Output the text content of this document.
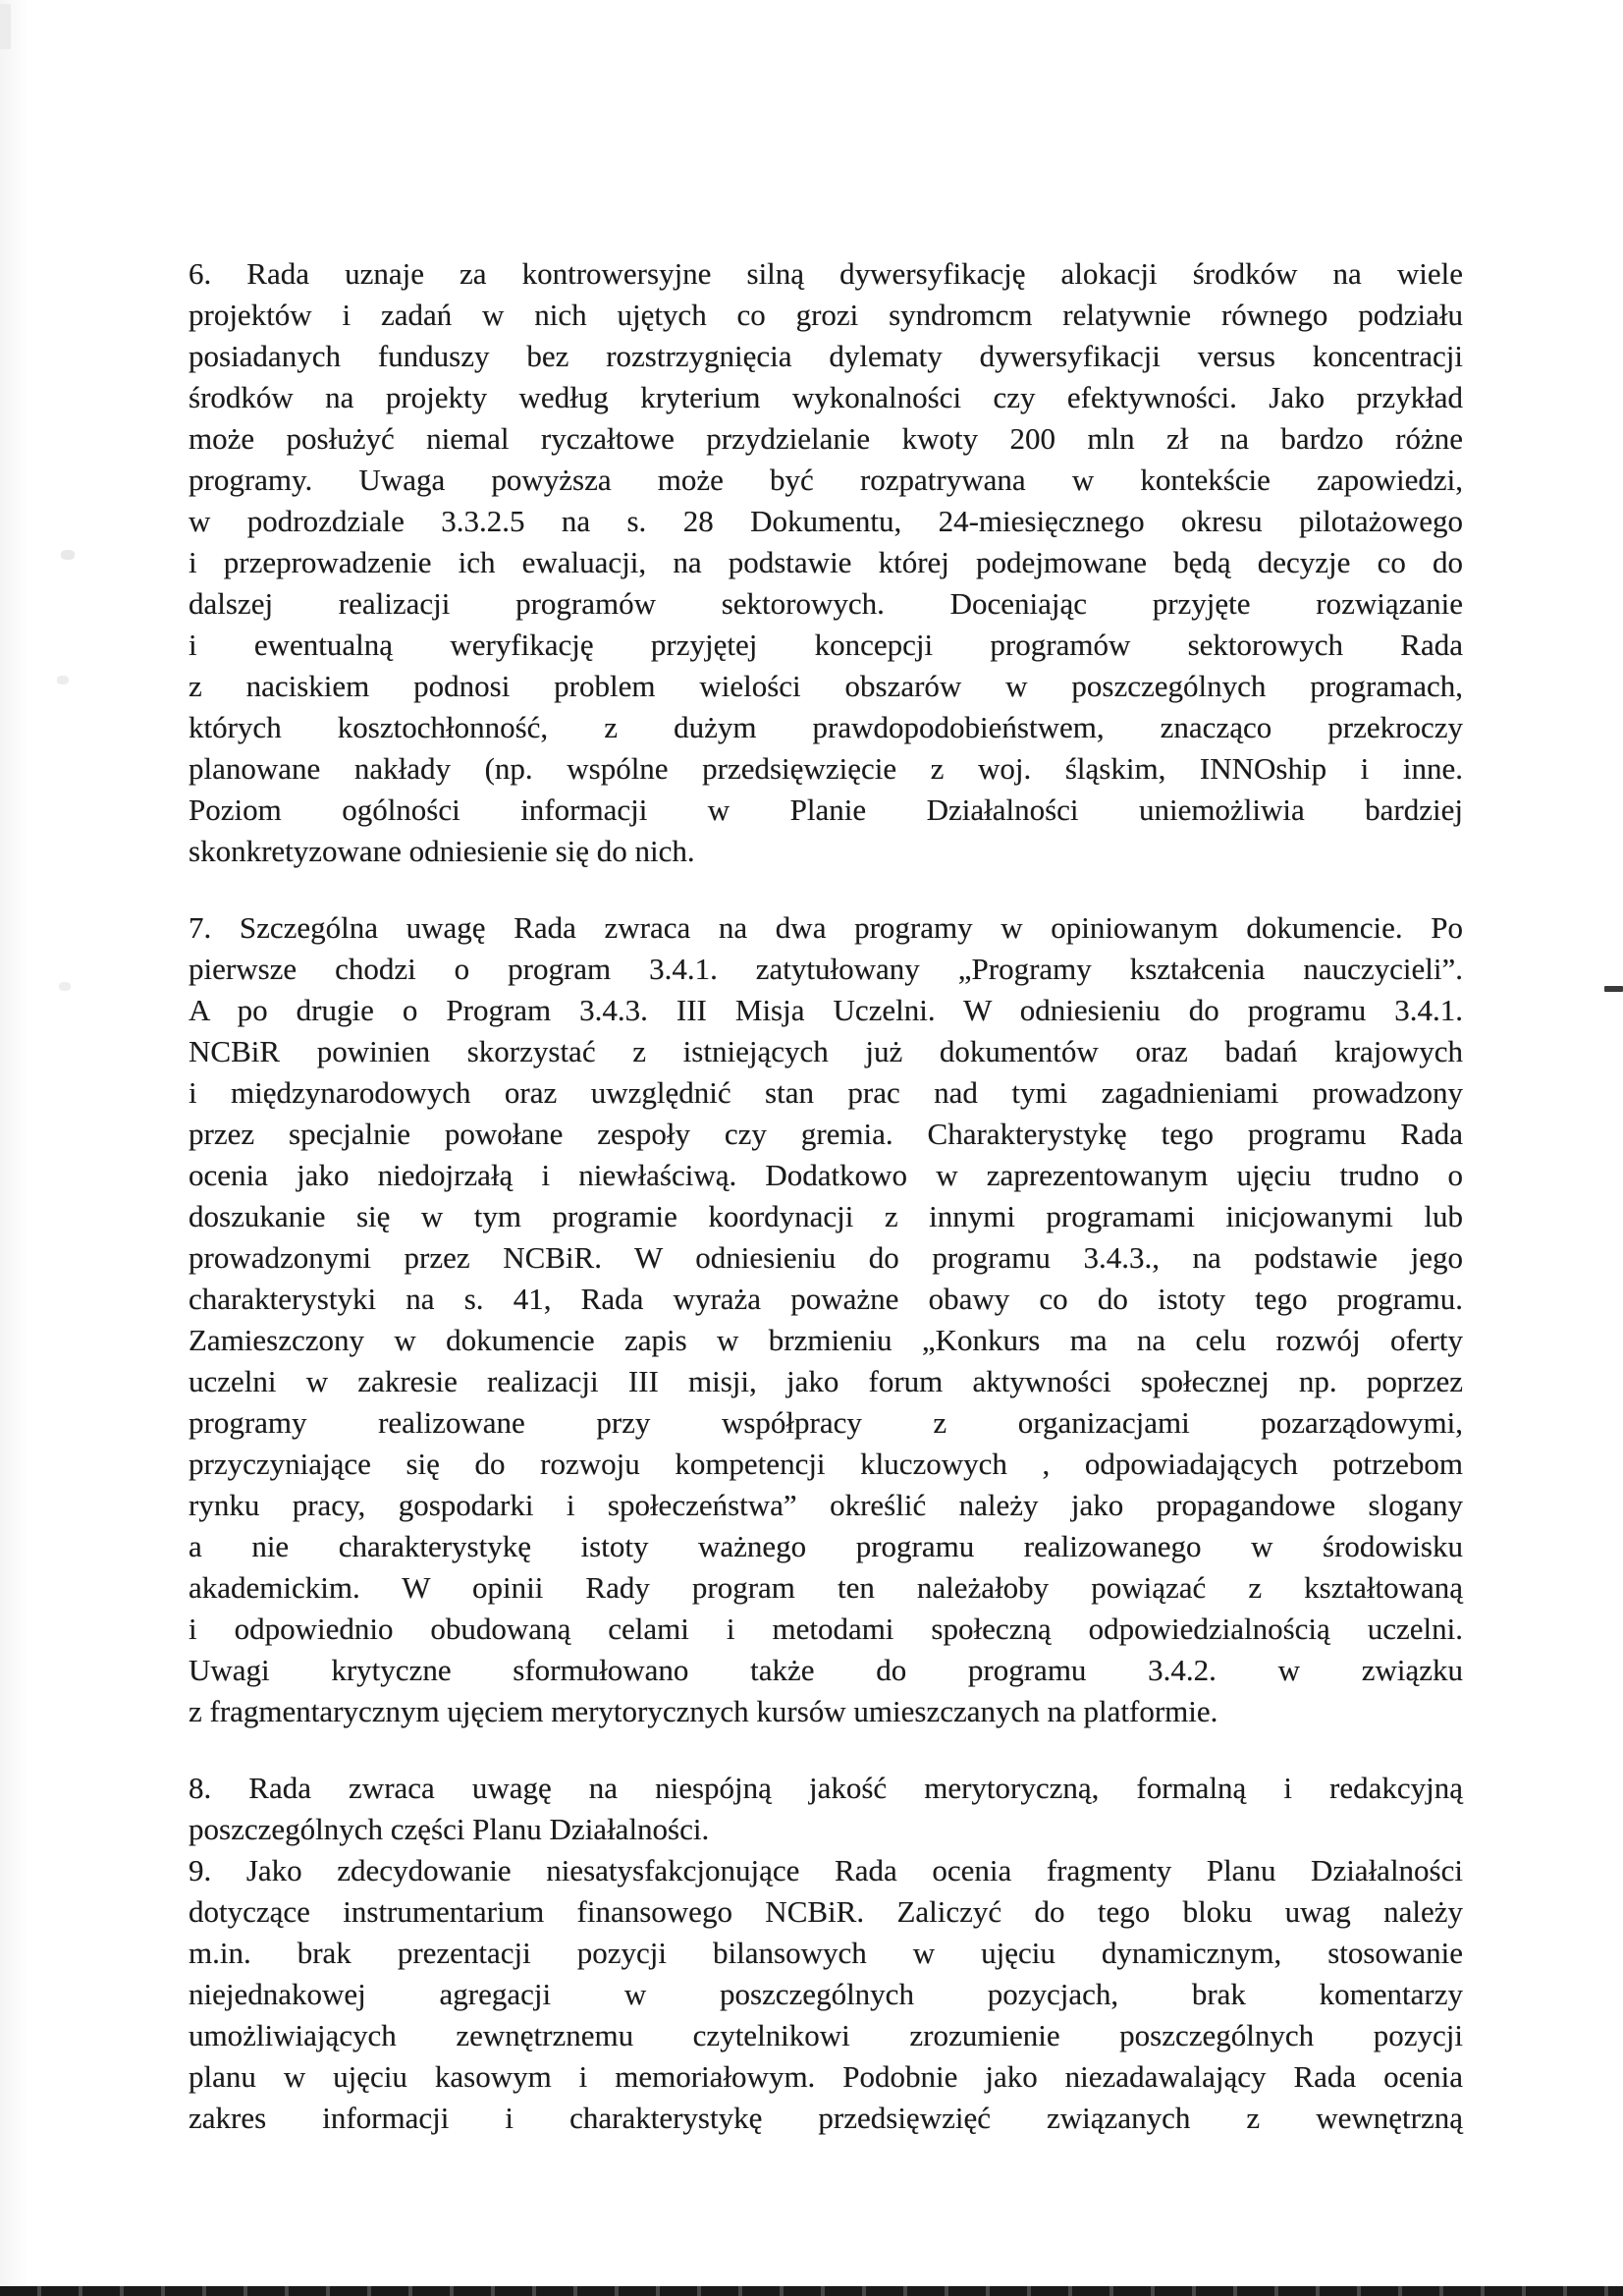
6. Rada uznaje za kontrowersyjne silną dywersyfikację alokacji środków na wiele
projektów i zadań w nich ujętych co grozi syndromcm relatywnie równego podziału
posiadanych funduszy bez rozstrzygnięcia dylematy dywersyfikacji versus koncentracji
środków na projekty według kryterium wykonalności czy efektywności. Jako przykład
może posłużyć niemal ryczałtowe przydzielanie kwoty 200 mln zł na bardzo różne
programy. Uwaga powyższa może być rozpatrywana w kontekście zapowiedzi,
w podrozdziale 3.3.2.5 na s. 28 Dokumentu, 24-miesięcznego okresu pilotażowego
i przeprowadzenie ich ewaluacji, na podstawie której podejmowane będą decyzje co do
dalszej realizacji programów sektorowych. Doceniając przyjęte rozwiązanie
i ewentualną weryfikację przyjętej koncepcji programów sektorowych Rada
z naciskiem podnosi problem wielości obszarów w poszczególnych programach,
których kosztochłonność, z dużym prawdopodobieństwem, znacząco przekroczy
planowane nakłady (np. wspólne przedsięwzięcie z woj. śląskim, INNOship i inne.
Poziom ogólności informacji w Planie Działalności uniemożliwia bardziej
skonkretyzowane odniesienie się do nich.
7. Szczególna uwagę Rada zwraca na dwa programy w opiniowanym dokumencie. Po
pierwsze chodzi o program 3.4.1. zatytułowany „Programy kształcenia nauczycieli”.
A po drugie o Program 3.4.3. III Misja Uczelni. W odniesieniu do programu 3.4.1.
NCBiR powinien skorzystać z istniejących już dokumentów oraz badań krajowych
i międzynarodowych oraz uwzględnić stan prac nad tymi zagadnieniami prowadzony
przez specjalnie powołane zespoły czy gremia. Charakterystykę tego programu Rada
ocenia jako niedojrzałą i niewłaściwą. Dodatkowo w zaprezentowanym ujęciu trudno o
doszukanie się w tym programie koordynacji z innymi programami inicjowanymi lub
prowadzonymi przez NCBiR. W odniesieniu do programu 3.4.3., na podstawie jego
charakterystyki na s. 41, Rada wyraża poważne obawy co do istoty tego programu.
Zamieszczony w dokumencie zapis w brzmieniu „Konkurs ma na celu rozwój oferty
uczelni w zakresie realizacji III misji, jako forum aktywności społecznej np. poprzez
programy realizowane przy współpracy z organizacjami pozarządowymi,
przyczyniające się do rozwoju kompetencji kluczowych , odpowiadających potrzebom
rynku pracy, gospodarki i społeczeństwa” określić należy jako propagandowe slogany
a nie charakterystykę istoty ważnego programu realizowanego w środowisku
akademickim. W opinii Rady program ten należałoby powiązać z kształtowaną
i odpowiednio obudowaną celami i metodami społeczną odpowiedzialnością uczelni.
Uwagi krytyczne sformułowano także do programu 3.4.2. w związku
z fragmentarycznym ujęciem merytorycznych kursów umieszczanych na platformie.
8. Rada zwraca uwagę na niespójną jakość merytoryczną, formalną i redakcyjną
poszczególnych części Planu Działalności.
9. Jako zdecydowanie niesatysfakcjonujące Rada ocenia fragmenty Planu Działalności
dotyczące instrumentarium finansowego NCBiR. Zaliczyć do tego bloku uwag należy
m.in. brak prezentacji pozycji bilansowych w ujęciu dynamicznym, stosowanie
niejednakowej agregacji w poszczególnych pozycjach, brak komentarzy
umożliwiających zewnętrznemu czytelnikowi zrozumienie poszczególnych pozycji
planu w ujęciu kasowym i memoriałowym. Podobnie jako niezadawalający Rada ocenia
zakres informacji i charakterystykę przedsięwzięć związanych z wewnętrzną
